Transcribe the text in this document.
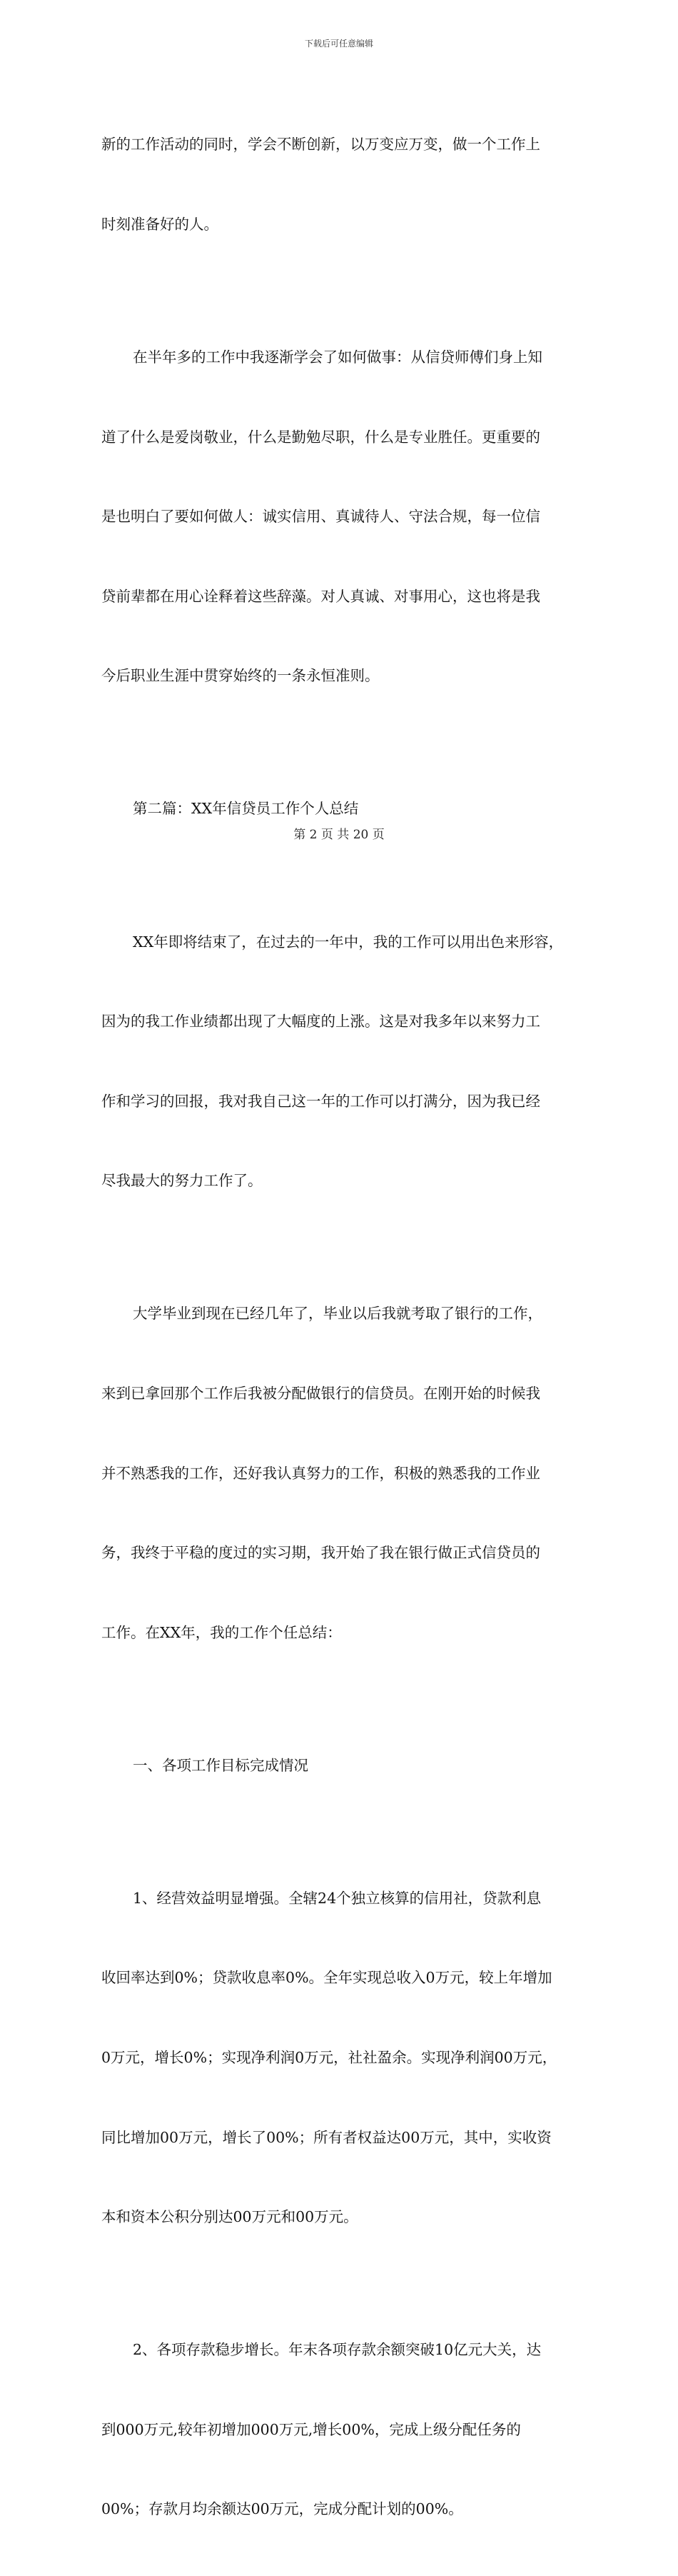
下载后可任意编辑

新的工作活动的同时，学会不断创新，以万变应万变，做一个工作上

时刻准备好的人。

在半年多的工作中我逐渐学会了如何做事：从信贷师傅们身上知

道了什么是爱岗敬业，什么是勤勉尽职，什么是专业胜任。更重要的

是也明白了要如何做人：诚实信用、真诚待人、守法合规，每一位信

贷前辈都在用心诠释着这些辞藻。对人真诚、对事用心，这也将是我

今后职业生涯中贯穿始终的一条永恒准则。

第二篇：XX年信贷员工作个人总结

XX年即将结束了，在过去的一年中，我的工作可以用出色来形容，

因为的我工作业绩都出现了大幅度的上涨。这是对我多年以来努力工

作和学习的回报，我对我自己这一年的工作可以打满分，因为我已经

尽我最大的努力工作了。

大学毕业到现在已经几年了，毕业以后我就考取了银行的工作，

来到已拿回那个工作后我被分配做银行的信贷员。在刚开始的时候我

并不熟悉我的工作，还好我认真努力的工作，积极的熟悉我的工作业

务，我终于平稳的度过的实习期，我开始了我在银行做正式信贷员的

工作。在XX年，我的工作个任总结：

一、各项工作目标完成情况

1、经营效益明显增强。全辖24个独立核算的信用社，贷款利息

收回率达到0%；贷款收息率0%。全年实现总收入0万元，较上年增加

0万元，增长0%；实现净利润0万元，社社盈余。实现净利润00万元，

同比增加00万元，增长了00%；所有者权益达00万元，其中，实收资

本和资本公积分别达00万元和00万元。

2、各项存款稳步增长。年末各项存款余额突破10亿元大关，达

到000万元,较年初增加000万元,增长00%，完成上级分配任务的

00%；存款月均余额达00万元，完成分配计划的00%。

第 2 页 共 20 页
